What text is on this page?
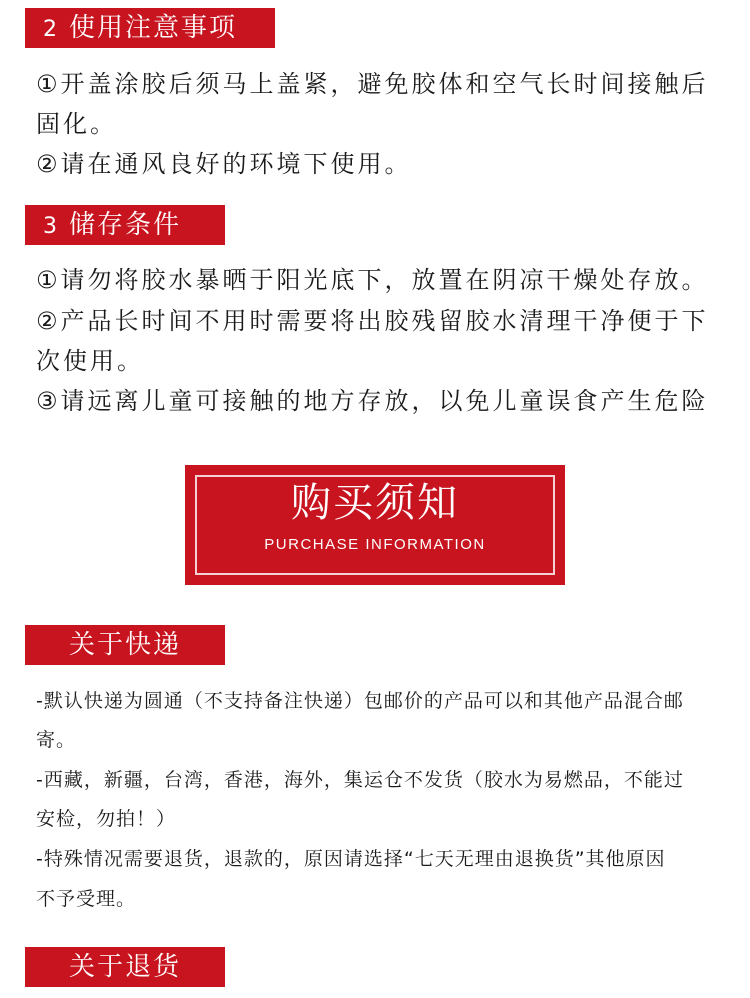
2 使用注意事项
①开盖涂胶后须马上盖紧，避免胶体和空气长时间接触后
固化。
②请在通风良好的环境下使用。
3 储存条件
①请勿将胶水暴晒于阳光底下，放置在阴凉干燥处存放。
②产品长时间不用时需要将出胶残留胶水清理干净便于下
次使用。
③请远离儿童可接触的地方存放，以免儿童误食产生危险
购买须知
PURCHASE INFORMATION
关于快递
-默认快递为圆通（不支持备注快递）包邮价的产品可以和其他产品混合邮
寄。
-西藏，新疆，台湾，香港，海外，集运仓不发货（胶水为易燃品，不能过
安检，勿拍！）
-特殊情况需要退货，退款的，原因请选择“七天无理由退换货”其他原因
不予受理。
关于退货
